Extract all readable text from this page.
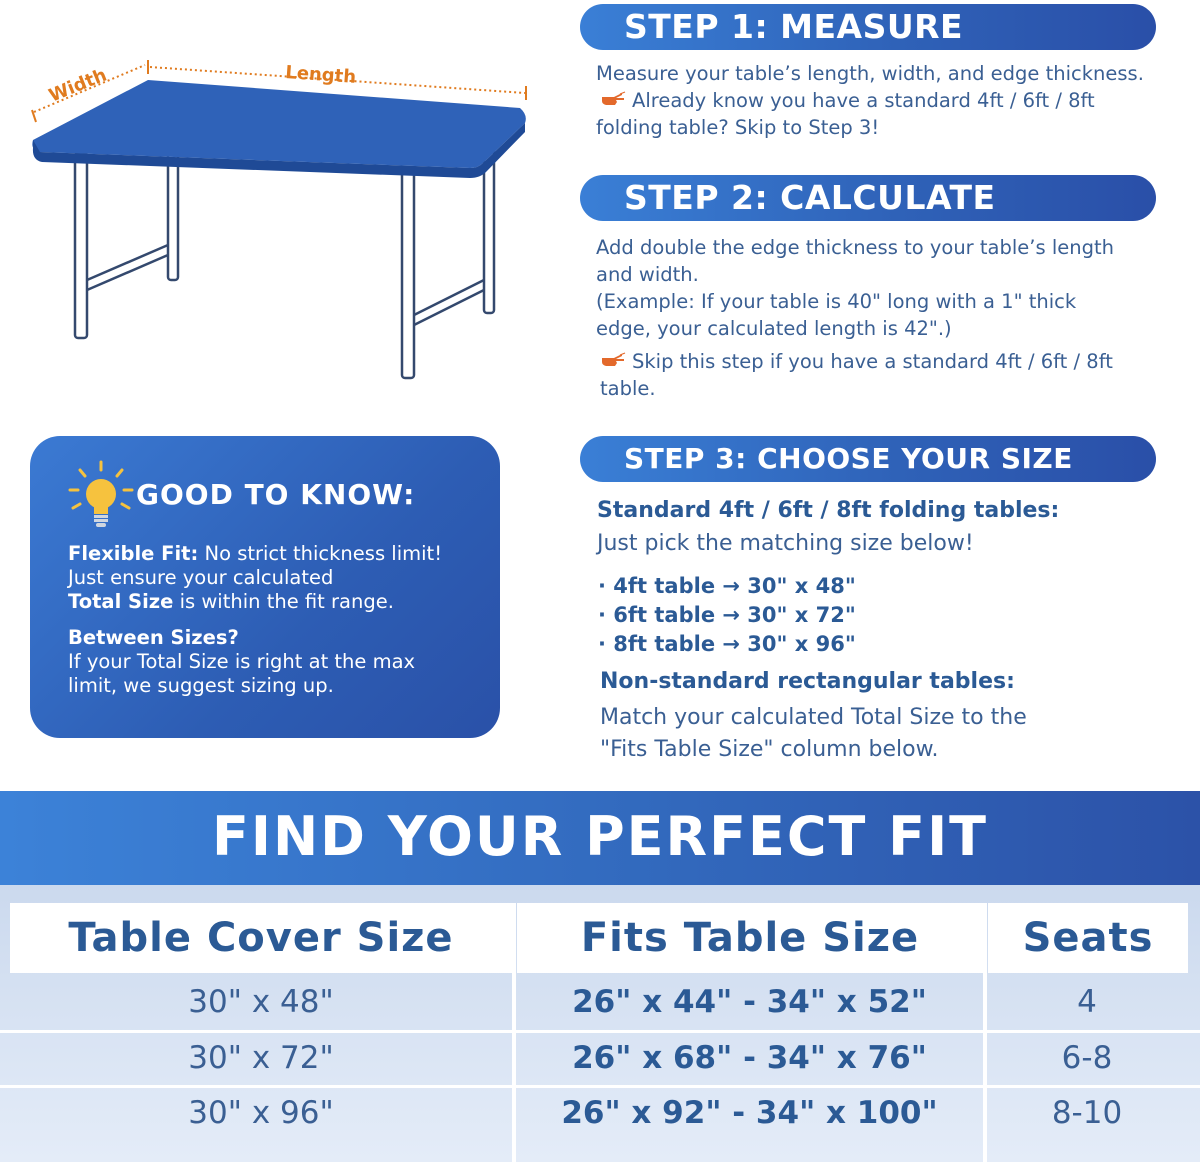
Width	Length
STEP 1: MEASURE
Measure your table’s length, width, and edge thickness.
Already know you have a standard 4ft / 6ft / 8ft
folding table? Skip to Step 3!
STEP 2: CALCULATE
Add double the edge thickness to your table’s length
and width.
(Example: If your table is 40" long with a 1" thick
edge, your calculated length is 42".)
Skip this step if you have a standard 4ft / 6ft / 8ft
table.
GOOD TO KNOW:
Flexible Fit: No strict thickness limit!
Just ensure your calculated
Total Size is within the fit range.
Between Sizes?
If your Total Size is right at the max
limit, we suggest sizing up.
STEP 3: CHOOSE YOUR SIZE
Standard 4ft / 6ft / 8ft folding tables:
Just pick the matching size below!
· 4ft table → 30" x 48"
· 6ft table → 30" x 72"
· 8ft table → 30" x 96"
Non-standard rectangular tables:
Match your calculated Total Size to the
"Fits Table Size" column below.
FIND YOUR PERFECT FIT
Table Cover Size	Fits Table Size	Seats
30" x 48"	26" x 44" - 34" x 52"	4
30" x 72"	26" x 68" - 34" x 76"	6-8
30" x 96"	26" x 92" - 34" x 100"	8-10
